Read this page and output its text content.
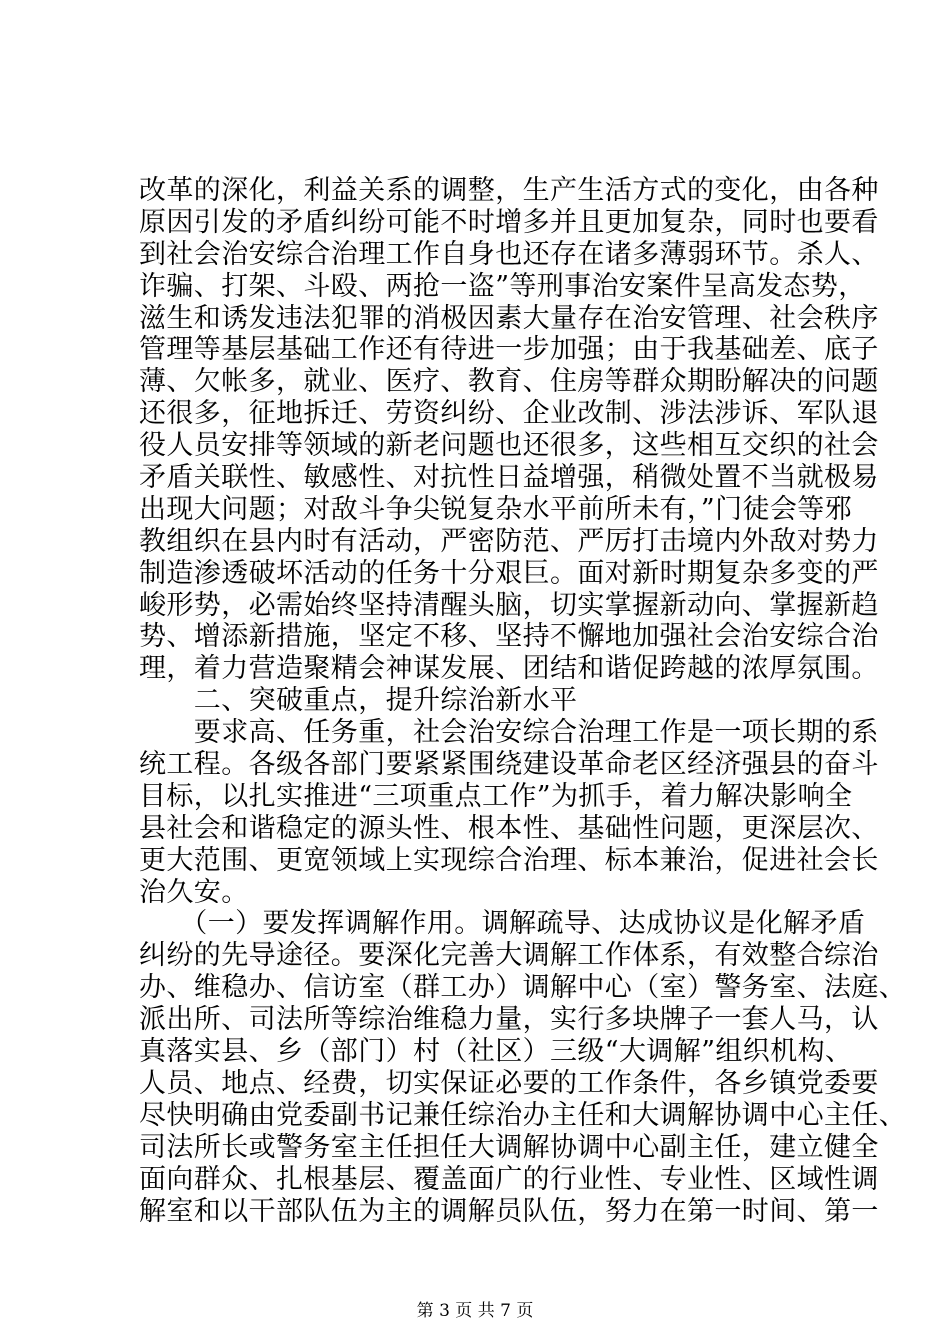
改革的深化，利益关系的调整，生产生活方式的变化，由各种
原因引发的矛盾纠纷可能不时增多并且更加复杂，同时也要看
到社会治安综合治理工作自身也还存在诸多薄弱环节。杀人、
诈骗、打架、斗殴、两抢一盗”等刑事治安案件呈高发态势，
滋生和诱发违法犯罪的消极因素大量存在治安管理、社会秩序
管理等基层基础工作还有待进一步加强；由于我基础差、底子
薄、欠帐多，就业、医疗、教育、住房等群众期盼解决的问题
还很多，征地拆迁、劳资纠纷、企业改制、涉法涉诉、军队退
役人员安排等领域的新老问题也还很多，这些相互交织的社会
矛盾关联性、敏感性、对抗性日益增强，稍微处置不当就极易
出现大问题；对敌斗争尖锐复杂水平前所未有，”门徒会等邪
教组织在县内时有活动，严密防范、严厉打击境内外敌对势力
制造渗透破坏活动的任务十分艰巨。面对新时期复杂多变的严
峻形势，必需始终坚持清醒头脑，切实掌握新动向、掌握新趋
势、增添新措施，坚定不移、坚持不懈地加强社会治安综合治
理，着力营造聚精会神谋发展、团结和谐促跨越的浓厚氛围。
　　二、突破重点，提升综治新水平
　　要求高、任务重，社会治安综合治理工作是一项长期的系
统工程。各级各部门要紧紧围绕建设革命老区经济强县的奋斗
目标，以扎实推进“三项重点工作”为抓手，着力解决影响全
县社会和谐稳定的源头性、根本性、基础性问题，更深层次、
更大范围、更宽领域上实现综合治理、标本兼治，促进社会长
治久安。
　　（一）要发挥调解作用。调解疏导、达成协议是化解矛盾
纠纷的先导途径。要深化完善大调解工作体系，有效整合综治
办、维稳办、信访室（群工办）调解中心（室）警务室、法庭、
派出所、司法所等综治维稳力量，实行多块牌子一套人马，认
真落实县、乡（部门）村（社区）三级“大调解”组织机构、
人员、地点、经费，切实保证必要的工作条件，各乡镇党委要
尽快明确由党委副书记兼任综治办主任和大调解协调中心主任、
司法所长或警务室主任担任大调解协调中心副主任，建立健全
面向群众、扎根基层、覆盖面广的行业性、专业性、区域性调
解室和以干部队伍为主的调解员队伍，努力在第一时间、第一
第 3 页 共 7 页
